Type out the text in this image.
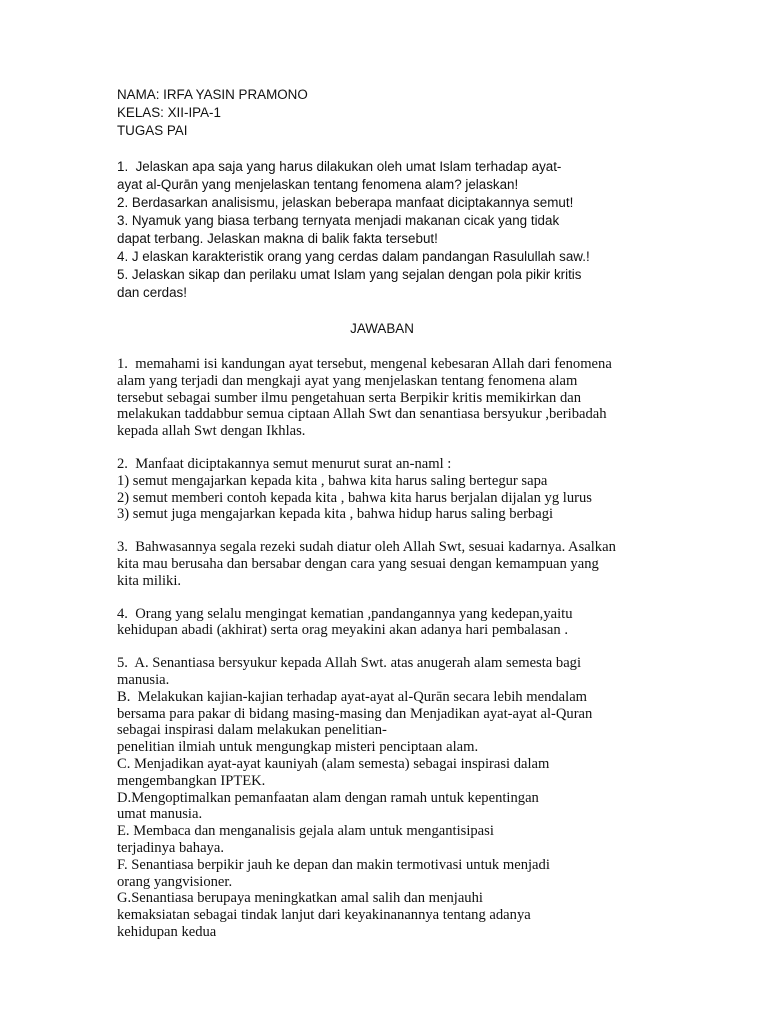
NAMA: IRFA YASIN PRAMONO
KELAS: XII-IPA-1
TUGAS PAI
1.  Jelaskan apa saja yang harus dilakukan oleh umat Islam terhadap ayat-
ayat al-Qurān yang menjelaskan tentang fenomena alam? jelaskan!
2. Berdasarkan analisismu, jelaskan beberapa manfaat diciptakannya semut!
3. Nyamuk yang biasa terbang ternyata menjadi makanan cicak yang tidak
dapat terbang. Jelaskan makna di balik fakta tersebut!
4. J elaskan karakteristik orang yang cerdas dalam pandangan Rasulullah saw.!
5. Jelaskan sikap dan perilaku umat Islam yang sejalan dengan pola pikir kritis
dan cerdas!
JAWABAN
1.  memahami isi kandungan ayat tersebut, mengenal kebesaran Allah dari fenomena
alam yang terjadi dan mengkaji ayat yang menjelaskan tentang fenomena alam
tersebut sebagai sumber ilmu pengetahuan serta Berpikir kritis memikirkan dan
melakukan taddabbur semua ciptaan Allah Swt dan senantiasa bersyukur ,beribadah
kepada allah Swt dengan Ikhlas.
2.  Manfaat diciptakannya semut menurut surat an-naml :
1) semut mengajarkan kepada kita , bahwa kita harus saling bertegur sapa
2) semut memberi contoh kepada kita , bahwa kita harus berjalan dijalan yg lurus
3) semut juga mengajarkan kepada kita , bahwa hidup harus saling berbagi
3.  Bahwasannya segala rezeki sudah diatur oleh Allah Swt, sesuai kadarnya. Asalkan
kita mau berusaha dan bersabar dengan cara yang sesuai dengan kemampuan yang
kita miliki.
4.  Orang yang selalu mengingat kematian ,pandangannya yang kedepan,yaitu
kehidupan abadi (akhirat) serta orag meyakini akan adanya hari pembalasan .
5.  A. Senantiasa bersyukur kepada Allah Swt. atas anugerah alam semesta bagi
manusia.
B.  Melakukan kajian-kajian terhadap ayat-ayat al-Qurān secara lebih mendalam
bersama para pakar di bidang masing-masing dan Menjadikan ayat-ayat al-Quran
sebagai inspirasi dalam melakukan penelitian-
penelitian ilmiah untuk mengungkap misteri penciptaan alam.
C. Menjadikan ayat-ayat kauniyah (alam semesta) sebagai inspirasi dalam
mengembangkan IPTEK.
D.Mengoptimalkan pemanfaatan alam dengan ramah untuk kepentingan
umat manusia.
E. Membaca dan menganalisis gejala alam untuk mengantisipasi
terjadinya bahaya.
F. Senantiasa berpikir jauh ke depan dan makin termotivasi untuk menjadi
orang yangvisioner.
G.Senantiasa berupaya meningkatkan amal salih dan menjauhi
kemaksiatan sebagai tindak lanjut dari keyakinanannya tentang adanya
kehidupan kedua
